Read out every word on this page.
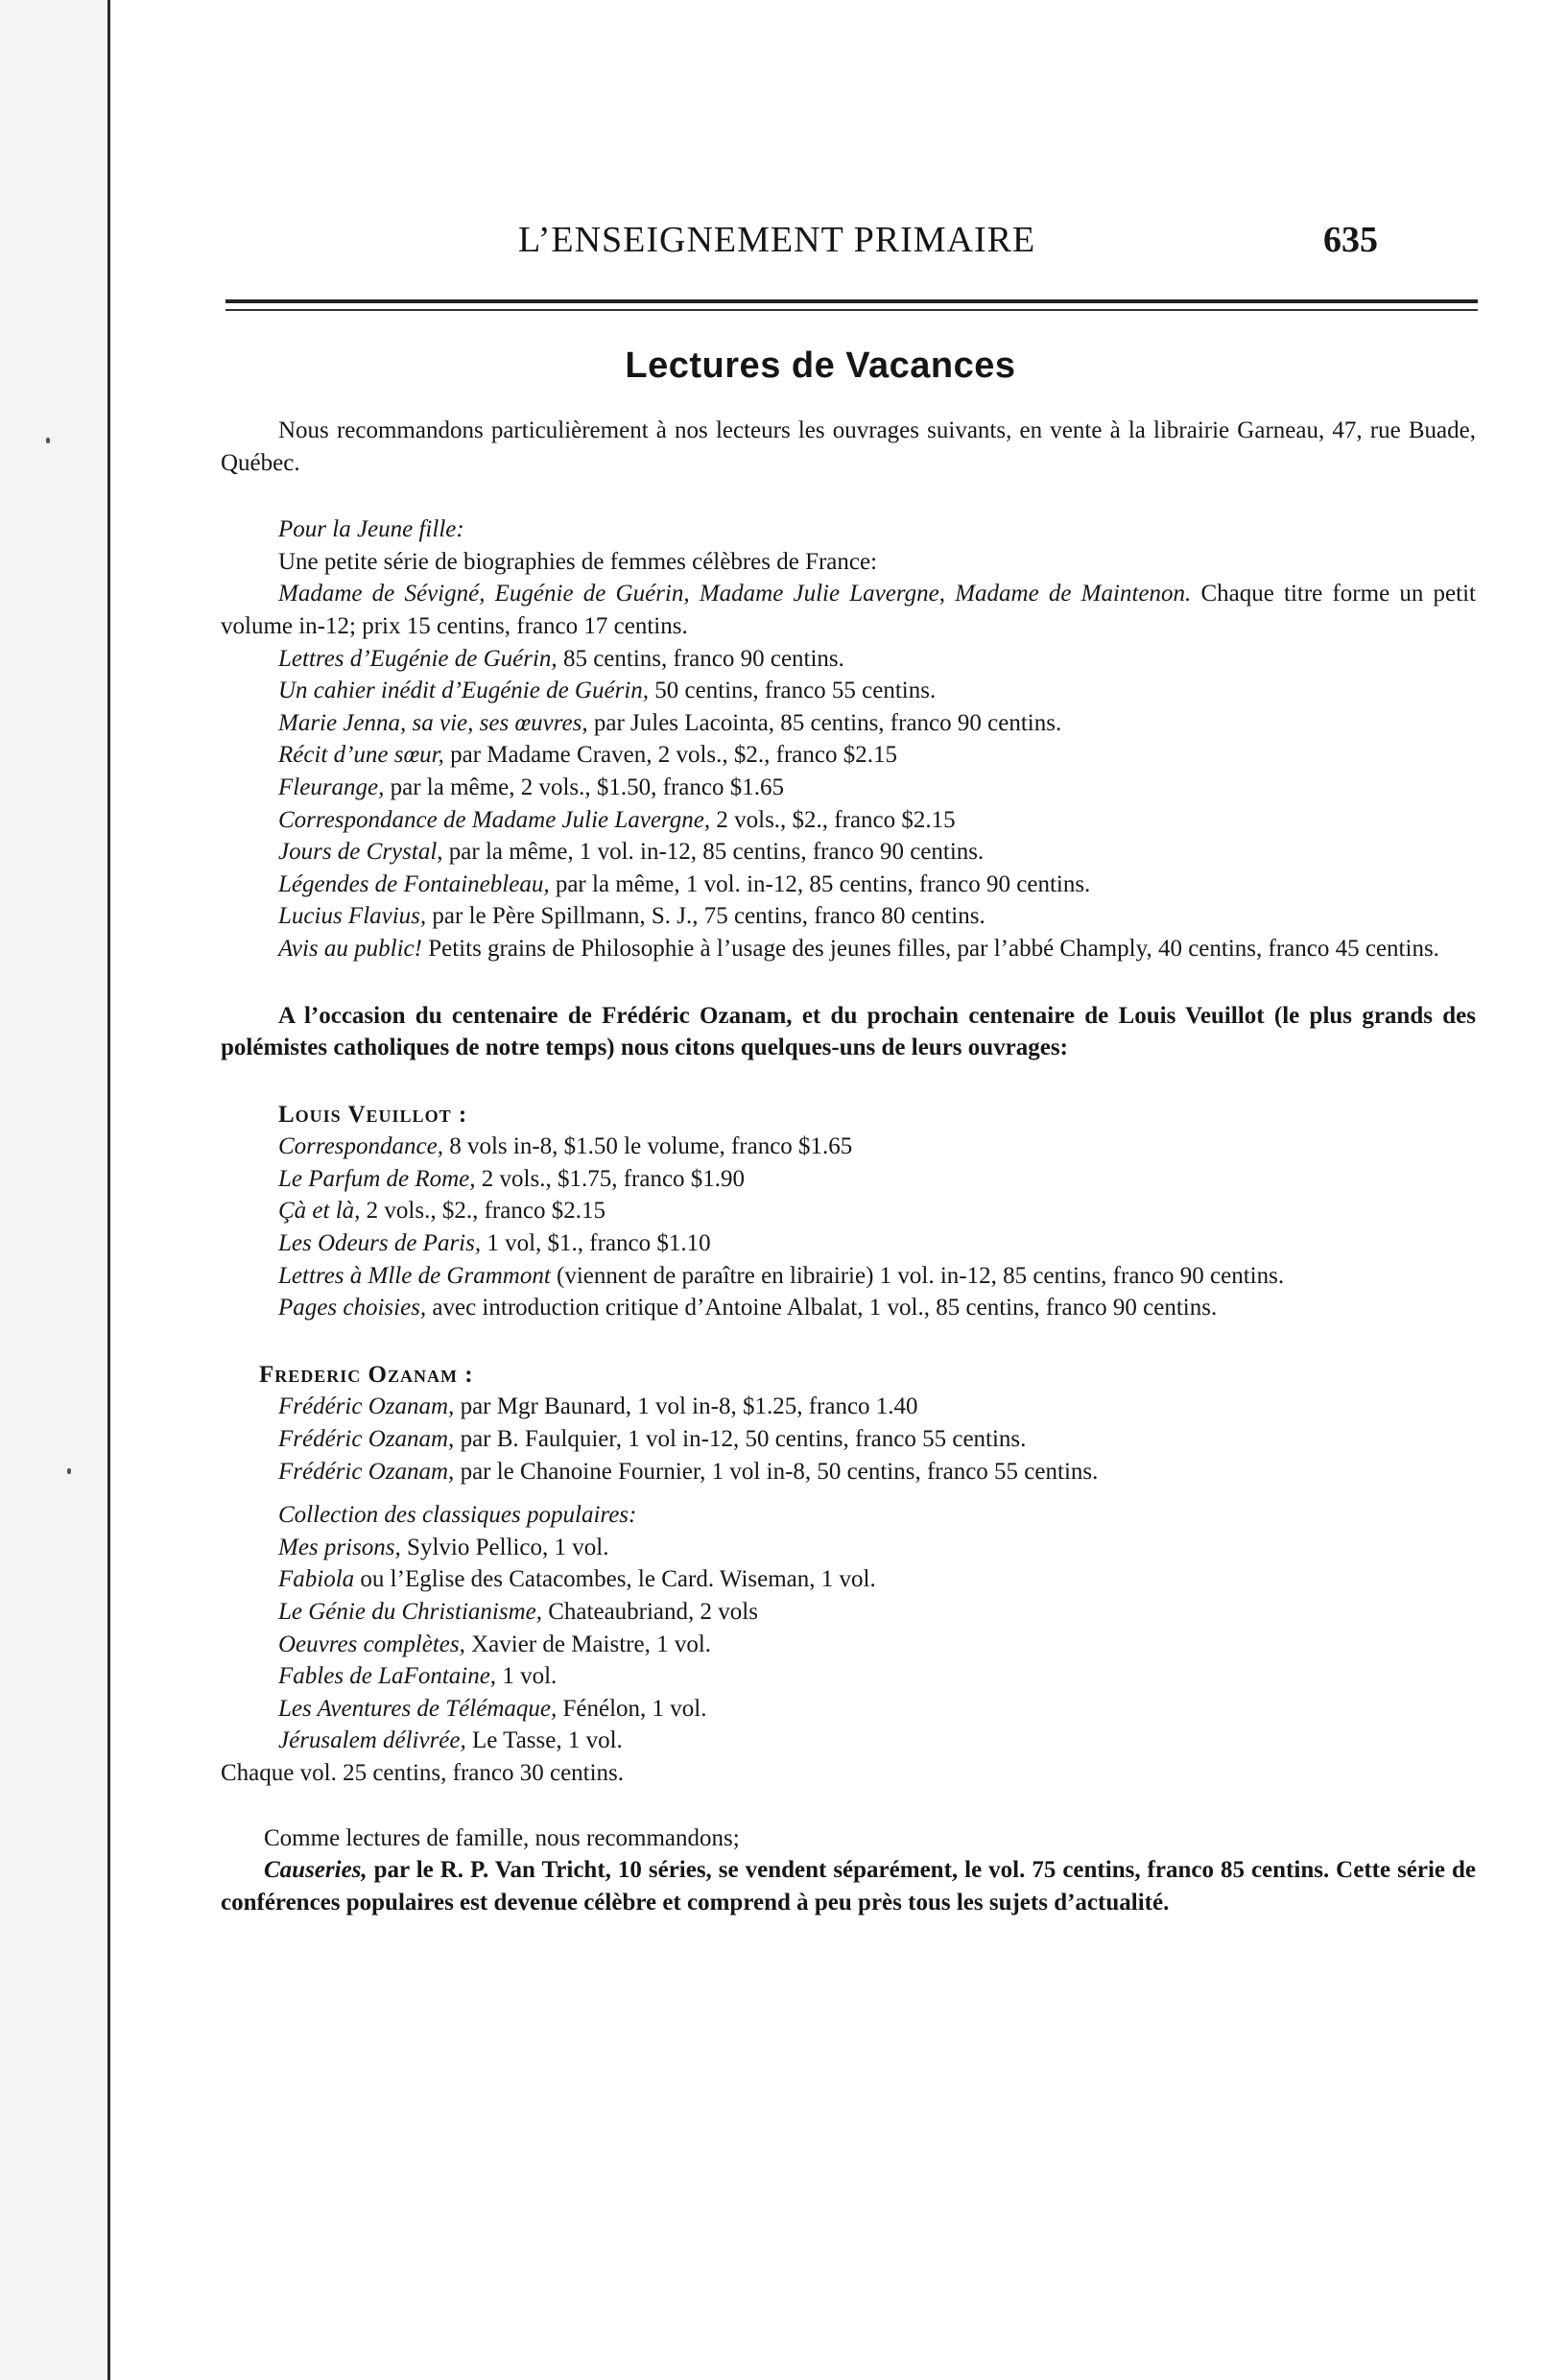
L’ENSEIGNEMENT PRIMAIRE	635
Lectures de Vacances

Nous recommandons particulièrement à nos lecteurs les ouvrages suivants, en vente à la librairie Garneau, 47, rue Buade, Québec.

Pour la Jeune fille:

Une petite série de biographies de femmes célèbres de France:

Madame de Sévigné, Eugénie de Guérin, Madame Julie Lavergne, Madame de Maintenon. Chaque titre forme un petit volume in-12; prix 15 centins, franco 17 centins.

Lettres d’Eugénie de Guérin, 85 centins, franco 90 centins.

Un cahier inédit d’Eugénie de Guérin, 50 centins, franco 55 centins.

Marie Jenna, sa vie, ses œuvres, par Jules Lacointa, 85 centins, franco 90 centins.

Récit d’une sœur, par Madame Craven, 2 vols., $2., franco $2.15

Fleurange, par la même, 2 vols., $1.50, franco $1.65

Correspondance de Madame Julie Lavergne, 2 vols., $2., franco $2.15

Jours de Crystal, par la même, 1 vol. in-12, 85 centins, franco 90 centins.

Légendes de Fontainebleau, par la même, 1 vol. in-12, 85 centins, franco 90 centins.

Lucius Flavius, par le Père Spillmann, S. J., 75 centins, franco 80 centins.

Avis au public! Petits grains de Philosophie à l’usage des jeunes filles, par l’abbé Champly, 40 centins, franco 45 centins.

A l’occasion du centenaire de Frédéric Ozanam, et du prochain centenaire de Louis Veuillot (le plus grands des polémistes catholiques de notre temps) nous citons quelques-uns de leurs ouvrages:

Louis Veuillot :

Correspondance, 8 vols in-8, $1.50 le volume, franco $1.65

Le Parfum de Rome, 2 vols., $1.75, franco $1.90

Çà et là, 2 vols., $2., franco $2.15

Les Odeurs de Paris, 1 vol, $1., franco $1.10

Lettres à Mlle de Grammont (viennent de paraître en librairie) 1 vol. in-12, 85 centins, franco 90 centins.

Pages choisies, avec introduction critique d’Antoine Albalat, 1 vol., 85 centins, franco 90 centins.

Frederic Ozanam :

Frédéric Ozanam, par Mgr Baunard, 1 vol in-8, $1.25, franco 1.40

Frédéric Ozanam, par B. Faulquier, 1 vol in-12, 50 centins, franco 55 centins.

Frédéric Ozanam, par le Chanoine Fournier, 1 vol in-8, 50 centins, franco 55 centins.

Collection des classiques populaires:

Mes prisons, Sylvio Pellico, 1 vol.

Fabiola ou l’Eglise des Catacombes, le Card. Wiseman, 1 vol.

Le Génie du Christianisme, Chateaubriand, 2 vols

Oeuvres complètes, Xavier de Maistre, 1 vol.

Fables de LaFontaine, 1 vol.

Les Aventures de Télémaque, Fénélon, 1 vol.

Jérusalem délivrée, Le Tasse, 1 vol.

Chaque vol. 25 centins, franco 30 centins.

Comme lectures de famille, nous recommandons;

Causeries, par le R. P. Van Tricht, 10 séries, se vendent séparément, le vol. 75 centins, franco 85 centins. Cette série de conférences populaires est devenue célèbre et comprend à peu près tous les sujets d’actualité.
